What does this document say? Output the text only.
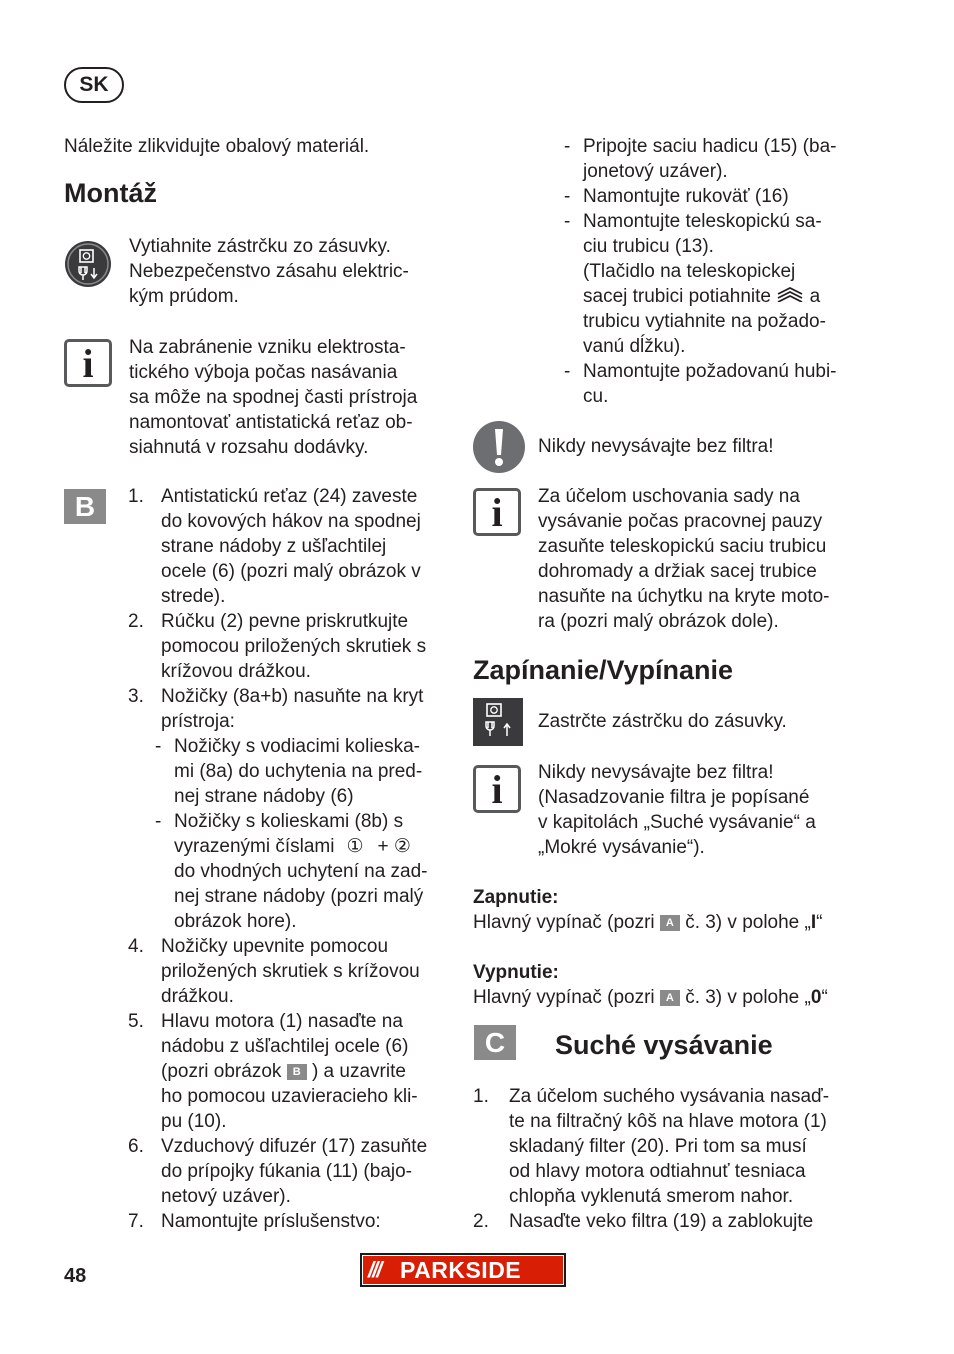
SK
Náležite zlikvidujte obalový materiál.
Montáž
Vytiahnite zástrčku zo zásuvky.
Nebezpečenstvo zásahu elektric-
kým prúdom.
i	Na zabránenie vzniku elektrosta-
tického výboja počas nasávania
sa môže na spodnej časti prístroja
namontovať antistatická reťaz ob-
siahnutá v rozsahu dodávky.
B	1. Antistatickú reťaz (24) zaveste
do kovových hákov na spodnej
strane nádoby z ušľachtilej
ocele (6) (pozri malý obrázok v
strede).
2. Rúčku (2) pevne priskrutkujte
pomocou priložených skrutiek s
krížovou drážkou.
3. Nožičky (8a+b) nasuňte na kryt
prístroja:
- Nožičky s vodiacimi kolieska-
mi (8a) do uchytenia na pred-
nej strane nádoby (6)
- Nožičky s kolieskami (8b) s
vyrazenými číslami ① + ②
do vhodných uchytení na zad-
nej strane nádoby (pozri malý
obrázok hore).
4. Nožičky upevnite pomocou
priložených skrutiek s krížovou
drážkou.
5. Hlavu motora (1) nasaďte na
nádobu z ušľachtilej ocele (6)
(pozri obrázok B ) a uzavrite
ho pomocou uzavieracieho kli-
pu (10).
6. Vzduchový difuzér (17) zasuňte
do prípojky fúkania (11) (bajo-
netový uzáver).
7. Namontujte príslušenstvo:
- Pripojte saciu hadicu (15) (ba-
jonetový uzáver).
- Namontujte rukoväť (16)
- Namontujte teleskopickú sa-
ciu trubicu (13).
(Tlačidlo na teleskopickej
sacej trubici potiahnite a
trubicu vytiahnite na požado-
vanú dĺžku).
- Namontujte požadovanú hubi-
cu.
Nikdy nevysávajte bez filtra!
i	Za účelom uschovania sady na
vysávanie počas pracovnej pauzy
zasuňte teleskopickú saciu trubicu
dohromady a držiak sacej trubice
nasuňte na úchytku na kryte moto-
ra (pozri malý obrázok dole).
Zapínanie/Vypínanie
Zastrčte zástrčku do zásuvky.
i	Nikdy nevysávajte bez filtra!
(Nasadzovanie filtra je popísané
v kapitolách „Suché vysávanie“ a
„Mokré vysávanie“).
Zapnutie:
Hlavný vypínač (pozri A č. 3) v polohe „I“
Vypnutie:
Hlavný vypínač (pozri A č. 3) v polohe „0“
C	Suché vysávanie
1. Za účelom suchého vysávania nasaď-
te na filtračný kôš na hlave motora (1)
skladaný filter (20). Pri tom sa musí
od hlavy motora odtiahnuť tesniaca
chlopňa vyklenutá smerom nahor.
2. Nasaďte veko filtra (19) a zablokujte
48	/// PARKSIDE
